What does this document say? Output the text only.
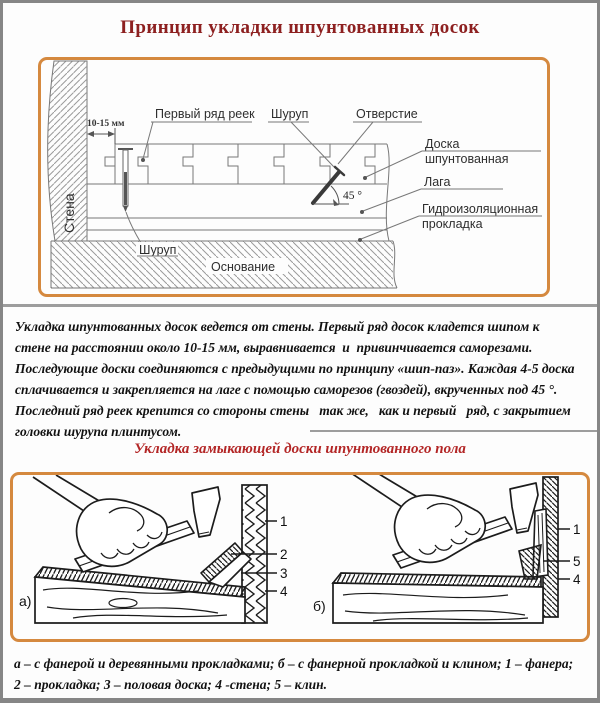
Принцип укладки шпунтованных досок
Стена
10-15 мм
Шуруп
Основание
45 °
Первый ряд реек Шуруп	Отверстие
Доска
шпунтованная
Лага
Гидроизоляционная
прокладка
Укладка шпунтованных досок ведется от стены. Первый ряд досок кладется шипом к
стене на расстоянии около 10-15 мм, выравнивается  и  привинчивается саморезами.
Последующие доски соединяются с предыдущими по принципу «шип-паз». Каждая 4-5 доска
сплачивается и закрепляется на лаге с помощью саморезов (гвоздей), вкрученных под 45 °.
Последний ряд реек крепится со стороны стены   так же,   как и первый   ряд, с закрытием
головки шурупа плинтусом.
Укладка замыкающей доски шпунтованного пола
1
2
3
4
а)
1
5
4
б)
а – с фанерой и деревянными прокладками; б – с фанерной прокладкой и клином; 1 – фанера;
2 – прокладка; 3 – половая доска; 4 -стена; 5 – клин.
